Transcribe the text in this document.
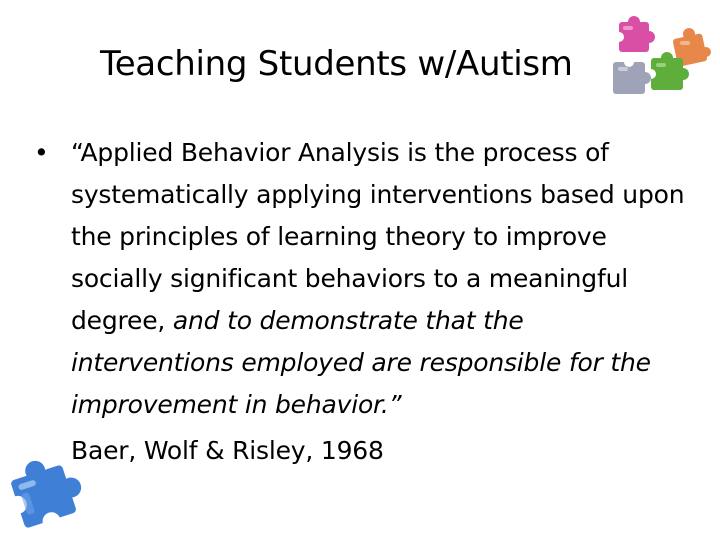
Teaching Students w/Autism
• “Applied Behavior Analysis is the process of systematically applying interventions based upon the principles of learning theory to improve socially significant behaviors to a meaningful degree, and to demonstrate that the interventions employed are responsible for the improvement in behavior.”
Baer, Wolf & Risley, 1968
